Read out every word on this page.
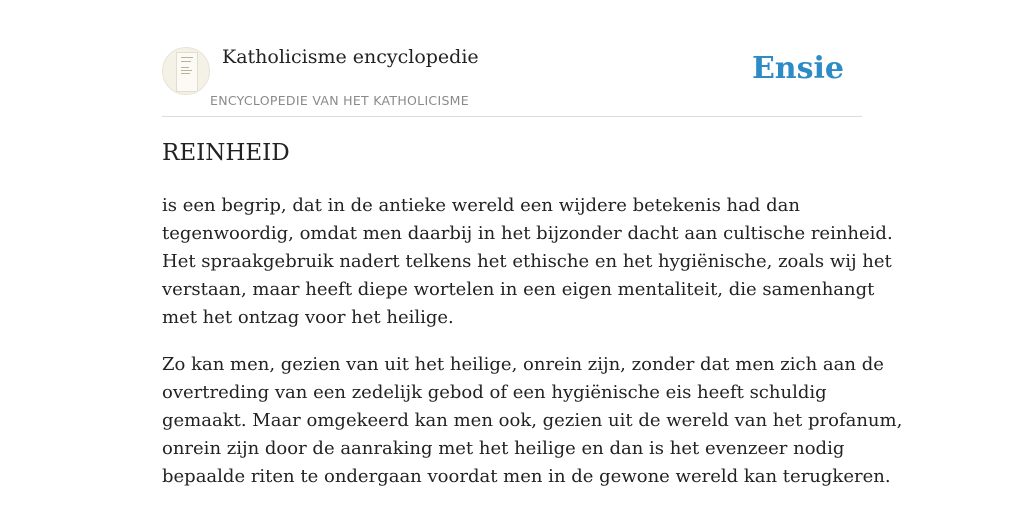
Katholicisme encyclopedie
ENCYCLOPEDIE VAN HET KATHOLICISME
Ensie
REINHEID

is een begrip, dat in de antieke wereld een wijdere betekenis had dan
tegenwoordig, omdat men daarbij in het bijzonder dacht aan cultische reinheid.
Het spraakgebruik nadert telkens het ethische en het hygiënische, zoals wij het
verstaan, maar heeft diepe wortelen in een eigen mentaliteit, die samenhangt
met het ontzag voor het heilige.

Zo kan men, gezien van uit het heilige, onrein zijn, zonder dat men zich aan de
overtreding van een zedelijk gebod of een hygiënische eis heeft schuldig
gemaakt. Maar omgekeerd kan men ook, gezien uit de wereld van het profanum,
onrein zijn door de aanraking met het heilige en dan is het evenzeer nodig
bepaalde riten te ondergaan voordat men in de gewone wereld kan terugkeren.
